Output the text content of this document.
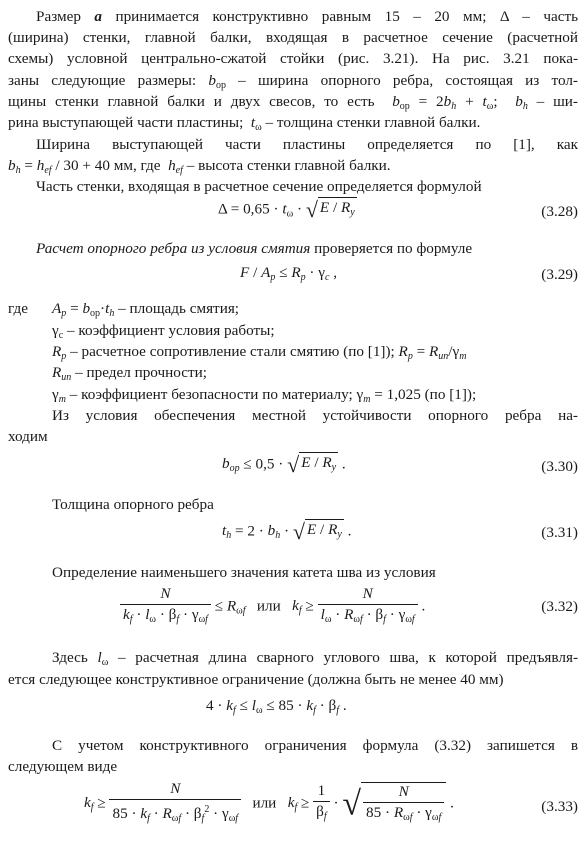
Размер a принимается конструктивно равным 15 – 20 мм; Δ – часть
(ширина) стенки, главной балки, входящая в расчетное сечение (расчетной
схемы) условной центрально-сжатой стойки (рис. 3.21). На рис. 3.21 пока-
заны следующие размеры: $b_{ор}$ – ширина опорного ребра, состоящая из тол-
щины стенки главной балки и двух свесов, то есть  $b_{ор} = 2b_h + t_\omega$;  $b_h - ши-$
рина выступающей части пластины;  $t_\omega$ – толщина стенки главной балки.
Ширина выступающей части пластины определяется по [1], как
$b_h = h_{ef} / 30 + 40$ мм, где  $h_{ef}$ – высота стенки главной балки.
Часть стенки, входящая в расчетное сечение определяется формулой
$\Delta = 0,65 \cdot t_\omega$ · √ E / $R_y$	(3.28)
Расчет опорного ребра из условия смятия проверяется по формуле
$F / A_p \le R_p \cdot \gamma_c$ ,	(3.29)
где $A_p = b_{ор}\cdot t_h$ – площадь смятия;
$\gamma_c$ – коэффициент условия работы;
$R_p$ – расчетное сопротивление стали смятию (по [1]); $R_p = R_{un}/\gamma_m$
$R_{un}$ – предел прочности;
$\gamma_m$ – коэффициент безопасности по материалу; $\gamma_m = 1,025$ (по [1]);
Из условия обеспечения местной устойчивости опорного ребра на-
ходим
$b_{op} \le 0,5$ · √ E / $R_y$ .	(3.30)
Толщина опорного ребра
$t_h = 2 \cdot b_h$ · √ E / $R_y$ .	(3.31)
Определение наименьшего значения катета шва из условия
$\frac{N}{k_f \cdot l_\omega \cdot \beta_f \cdot \gamma_{\omega f}} \le R_{\omega f}$   или   $k_f \ge \frac{N}{l_\omega \cdot R_{\omega f} \cdot \beta_f \cdot \gamma_{\omega f}}$ .	(3.32)
Здесь $l_\omega$ – расчетная длина сварного углового шва, к которой предъявля-
ется следующее конструктивное ограничение (должна быть не менее 40 мм)
$4 \cdot k_f \le l_\omega \le 85 \cdot k_f \cdot \beta_f$ .
С учетом конструктивного ограничения формула (3.32) запишется в
следующем виде
$k_f \ge \frac{N}{85 \cdot k_f \cdot R_{\omega f} \cdot \beta_f^2 \cdot \gamma_{\omega f}}$ или   $k_f \ge \frac{1}{\beta_f}$ · √ $\frac{N}{85 \cdot R_{\omega f} \cdot \gamma_{\omega f}}$ .	(3.33)
